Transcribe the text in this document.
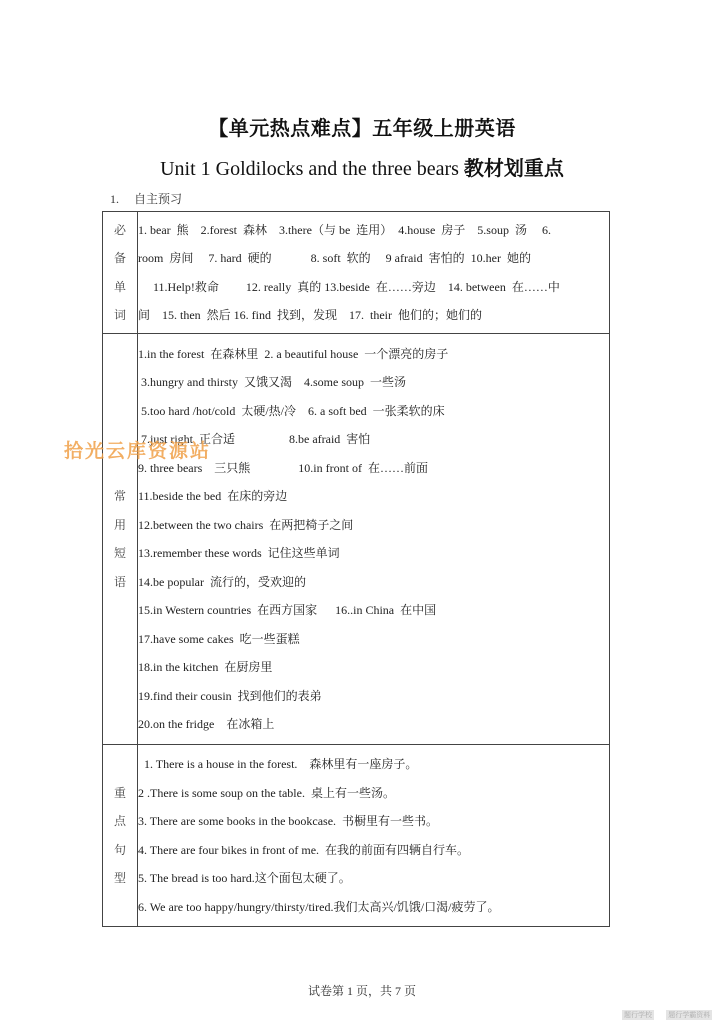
【单元热点难点】五年级上册英语
Unit 1 Goldilocks and the three bears 教材划重点
1. 自主预习
必
备
单
词

1. bear  熊    2.forest  森林    3.there（与 be  连用）  4.house  房子    5.soup  汤     6.
room  房间     7. hard  硬的             8. soft  软的     9 afraid  害怕的  10.her  她的
11.Help!救命         12. really  真的 13.beside  在……旁边    14. between  在……中
间    15. then  然后 16. find  找到，发现    17.  their  他们的；她们的

常
用
短
语

1.in the forest  在森林里  2. a beautiful house  一个漂亮的房子
3.hungry and thirsty  又饿又渴    4.some soup  一些汤
5.too hard /hot/cold  太硬/热/冷    6. a soft bed  一张柔软的床
7.just right  正合适                  8.be afraid  害怕
9. three bears    三只熊                10.in front of  在……前面
11.beside the bed  在床的旁边
12.between the two chairs  在两把椅子之间
13.remember these words  记住这些单词
14.be popular  流行的，受欢迎的
15.in Western countries  在西方国家      16..in China  在中国
17.have some cakes  吃一些蛋糕
18.in the kitchen  在厨房里
19.find their cousin  找到他们的表弟
20.on the fridge    在冰箱上

重
点
句
型

1. There is a house in the forest.    森林里有一座房子。
2 .There is some soup on the table.  桌上有一些汤。
3. There are some books in the bookcase.  书橱里有一些书。
4. There are four bikes in front of me.  在我的前面有四辆自行车。
5. The bread is too hard.这个面包太硬了。
6. We are too happy/hungry/thirsty/tired.我们太高兴/饥饿/口渴/疲劳了。
拾光云库资源站
试卷第 1 页，共 7 页
题行学校 题行学霸资料
